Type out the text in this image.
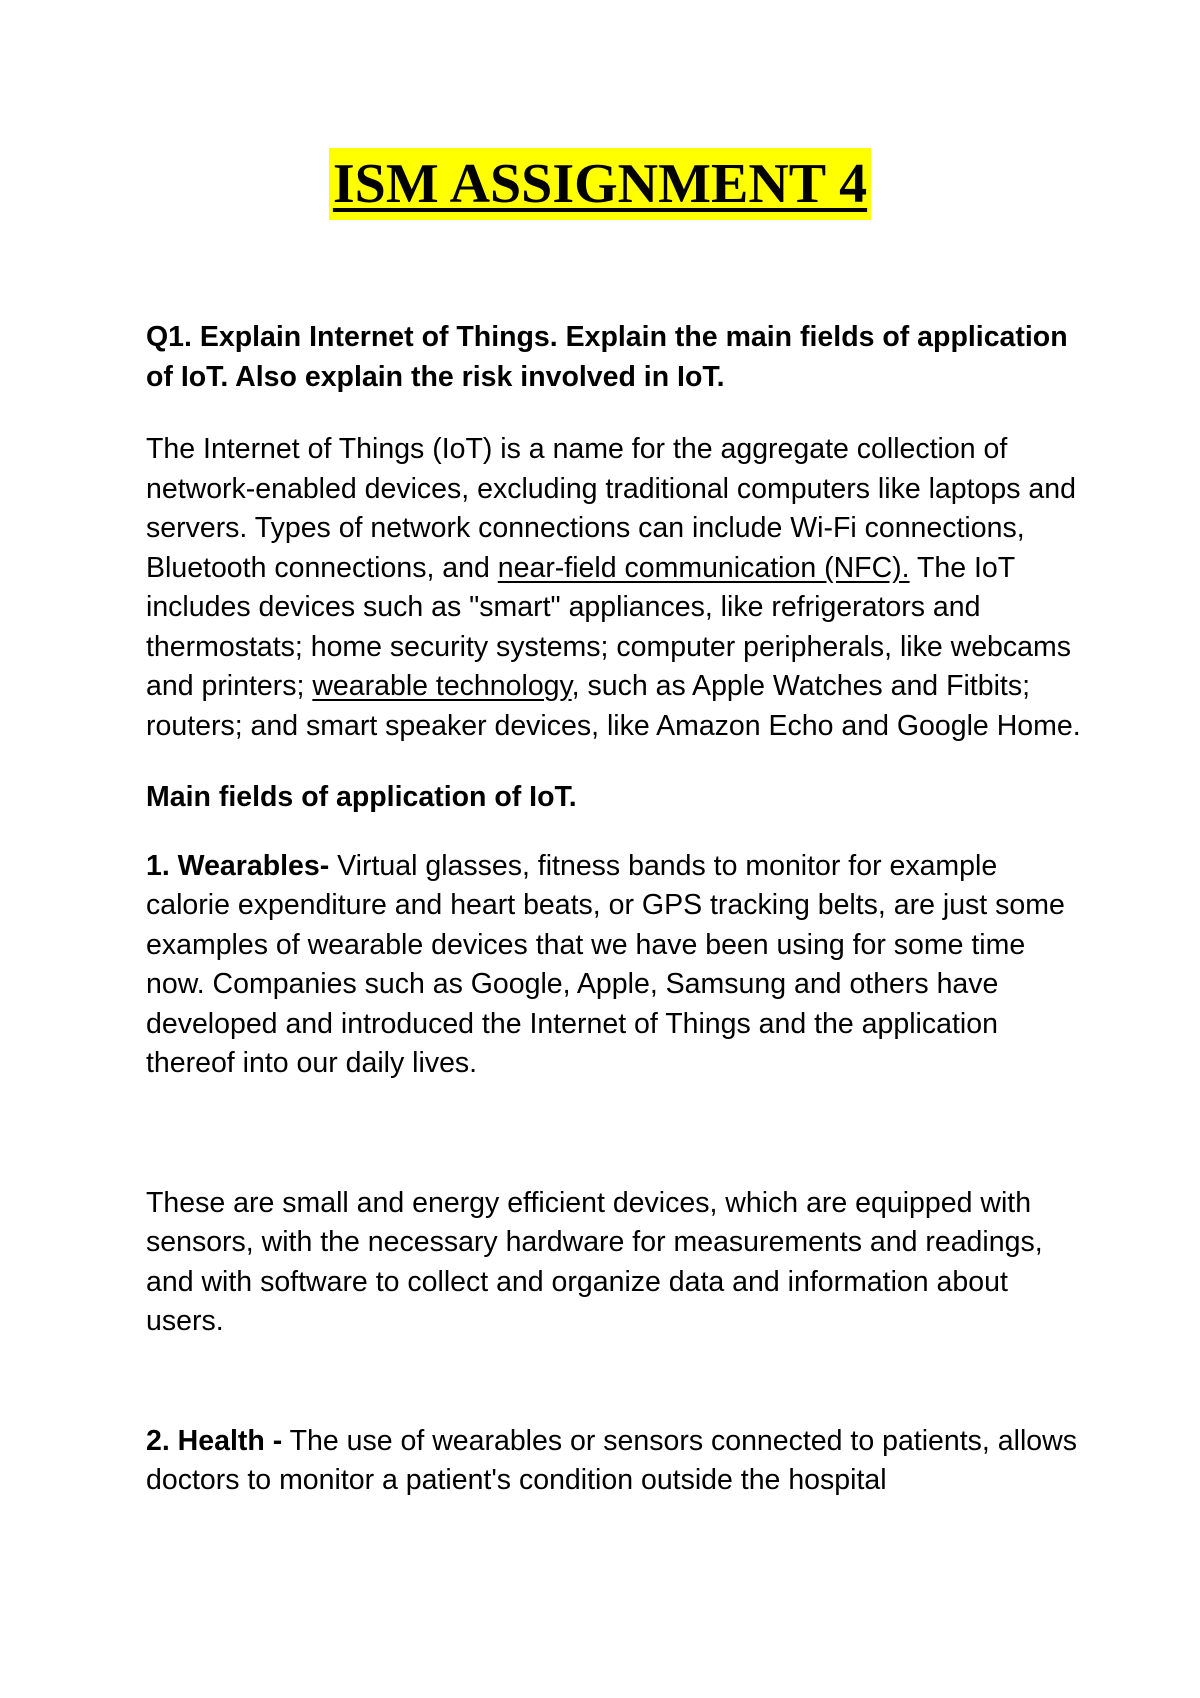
ISM ASSIGNMENT 4

Q1. Explain Internet of Things. Explain the main fields of application of IoT. Also explain the risk involved in IoT.

The Internet of Things (IoT) is a name for the aggregate collection of network-enabled devices, excluding traditional computers like laptops and servers. Types of network connections can include Wi-Fi connections, Bluetooth connections, and near-field communication (NFC). The IoT includes devices such as "smart" appliances, like refrigerators and thermostats; home security systems; computer peripherals, like webcams and printers; wearable technology, such as Apple Watches and Fitbits; routers; and smart speaker devices, like Amazon Echo and Google Home.

Main fields of application of IoT.

1. Wearables- Virtual glasses, fitness bands to monitor for example calorie expenditure and heart beats, or GPS tracking belts, are just some examples of wearable devices that we have been using for some time now. Companies such as Google, Apple, Samsung and others have developed and introduced the Internet of Things and the application thereof into our daily lives.

These are small and energy efficient devices, which are equipped with sensors, with the necessary hardware for measurements and readings, and with software to collect and organize data and information about users.

2. Health - The use of wearables or sensors connected to patients, allows doctors to monitor a patient's condition outside the hospital
